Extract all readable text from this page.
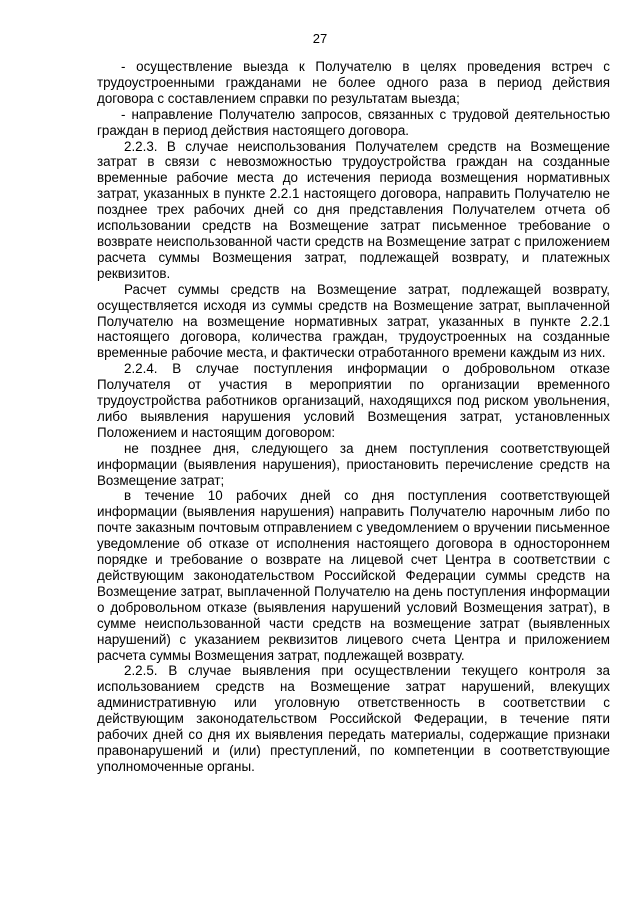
27

- осуществление выезда к Получателю в целях проведения встреч с трудоустроенными гражданами не более одного раза в период действия договора с составлением справки по результатам выезда;

- направление Получателю запросов, связанных с трудовой деятельностью граждан в период действия настоящего договора.

2.2.3. В случае неиспользования Получателем средств на Возмещение затрат в связи с невозможностью трудоустройства граждан на созданные временные рабочие места до истечения периода возмещения нормативных затрат, указанных в пункте 2.2.1 настоящего договора, направить Получателю не позднее трех рабочих дней со дня представления Получателем отчета об использовании средств на Возмещение затрат письменное требование о возврате неиспользованной части средств на Возмещение затрат с приложением расчета суммы Возмещения затрат, подлежащей возврату, и платежных реквизитов.

Расчет суммы средств на Возмещение затрат, подлежащей возврату, осуществляется исходя из суммы средств на Возмещение затрат, выплаченной Получателю на возмещение нормативных затрат, указанных в пункте 2.2.1 настоящего договора, количества граждан, трудоустроенных на созданные временные рабочие места, и фактически отработанного времени каждым из них.

2.2.4. В случае поступления информации о добровольном отказе Получателя от участия в мероприятии по организации временного трудоустройства работников организаций, находящихся под риском увольнения, либо выявления нарушения условий Возмещения затрат, установленных Положением и настоящим договором:

не позднее дня, следующего за днем поступления соответствующей информации (выявления нарушения), приостановить перечисление средств на Возмещение затрат;

в течение 10 рабочих дней со дня поступления соответствующей информации (выявления нарушения) направить Получателю нарочным либо по почте заказным почтовым отправлением с уведомлением о вручении письменное уведомление об отказе от исполнения настоящего договора в одностороннем порядке и требование о возврате на лицевой счет Центра в соответствии с действующим законодательством Российской Федерации суммы средств на Возмещение затрат, выплаченной Получателю на день поступления информации о добровольном отказе (выявления нарушений условий Возмещения затрат), в сумме неиспользованной части средств на возмещение затрат (выявленных нарушений) с указанием реквизитов лицевого счета Центра и приложением расчета суммы Возмещения затрат, подлежащей возврату.

2.2.5. В случае выявления при осуществлении текущего контроля за использованием средств на Возмещение затрат нарушений, влекущих административную или уголовную ответственность в соответствии с действующим законодательством Российской Федерации, в течение пяти рабочих дней со дня их выявления передать материалы, содержащие признаки правонарушений и (или) преступлений, по компетенции в соответствующие уполномоченные органы.
